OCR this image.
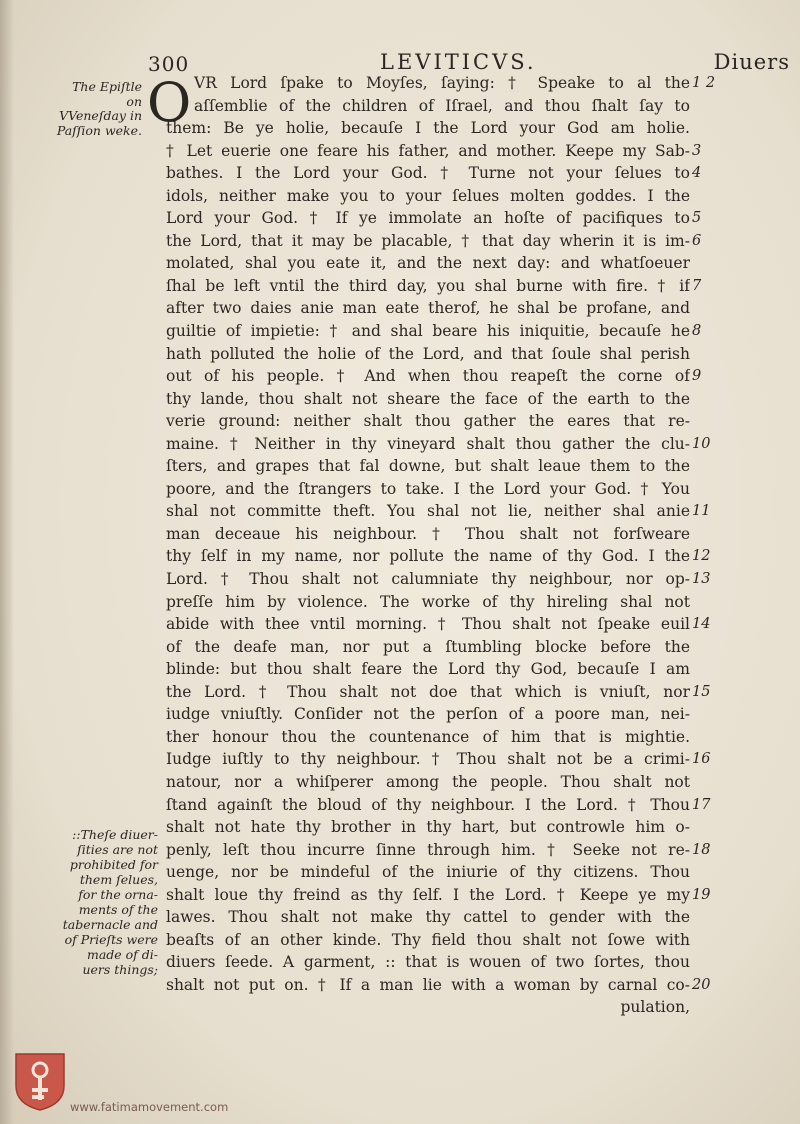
300	LEVITICVS.	Diuers
The Epiſtle on
VVeneſday in
Paſſion weke. O VR Lord ſpake to Moyſes, ſaying: † Speake to al the
aſſemblie of the children of Iſrael, and thou ſhalt ſay to
them: Be ye holie, becauſe I the Lord your God am holie.
† Let euerie one feare his father, and mother. Keepe my Sab-
bathes. I the Lord your God. † Turne not your ſelues to
idols, neither make you to your ſelues molten goddes. I the
Lord your God. † If ye immolate an hoſte of pacifiques to
the Lord, that it may be placable, † that day wherin it is im-
molated, shal you eate it, and the next day: and whatſoeuer
ſhal be left vntil the third day, you shal burne with fire. † if
after two daies anie man eate therof, he shal be profane, and
guiltie of impietie: † and shal beare his iniquitie, becauſe he
hath polluted the holie of the Lord, and that ſoule shal perish
out of his people. † And when thou reapeſt the corne of
thy lande, thou shalt not sheare the face of the earth to the
verie ground: neither shalt thou gather the eares that re-
maine. † Neither in thy vineyard shalt thou gather the clu-
ſters, and grapes that fal downe, but shalt leaue them to the
poore, and the ſtrangers to take. I the Lord your God. † You
shal not committe theft. You shal not lie, neither shal anie
man deceaue his neighbour. † Thou shalt not forſweare
thy ſelf in my name, nor pollute the name of thy God. I the
Lord. † Thou shalt not calumniate thy neighbour, nor op-
preſſe him by violence. The worke of thy hireling shal not
abide with thee vntil morning. † Thou shalt not ſpeake euil
of the deafe man, nor put a ſtumbling blocke before the
blinde: but thou shalt feare the Lord thy God, becauſe I am
the Lord. † Thou shalt not doe that which is vniuſt, nor
iudge vniuſtly. Conſider not the perſon of a poore man, nei-
ther honour thou the countenance of him that is mightie.
Iudge iuſtly to thy neighbour. † Thou shalt not be a crimi-
natour, nor a whiſperer among the people. Thou shalt not
ſtand againſt the bloud of thy neighbour. I the Lord. † Thou
shalt not hate thy brother in thy hart, but controwle him o-
penly, leſt thou incurre ſinne through him. † Seeke not re-
uenge, nor be mindeful of the iniurie of thy citizens. Thou
shalt loue thy freind as thy ſelf. I the Lord. † Keepe ye my
lawes. Thou shalt not make thy cattel to gender with the
beaſts of an other kinde. Thy field thou shalt not ſowe with
diuers ſeede. A garment, :: that is wouen of two ſortes, thou
shalt not put on. † If a man lie with a woman by carnal co-
pulation,
1 2
3
4
5
6
7
8
9
10
11
12
13
14
15
16
17
18
19
20
::Theſe diuer-
ſities are not
prohibited for
them ſelues,
for the orna-
ments of the
tabernacle and
of Prieſts were
made of di-
uers things;
www.fatimamovement.com
